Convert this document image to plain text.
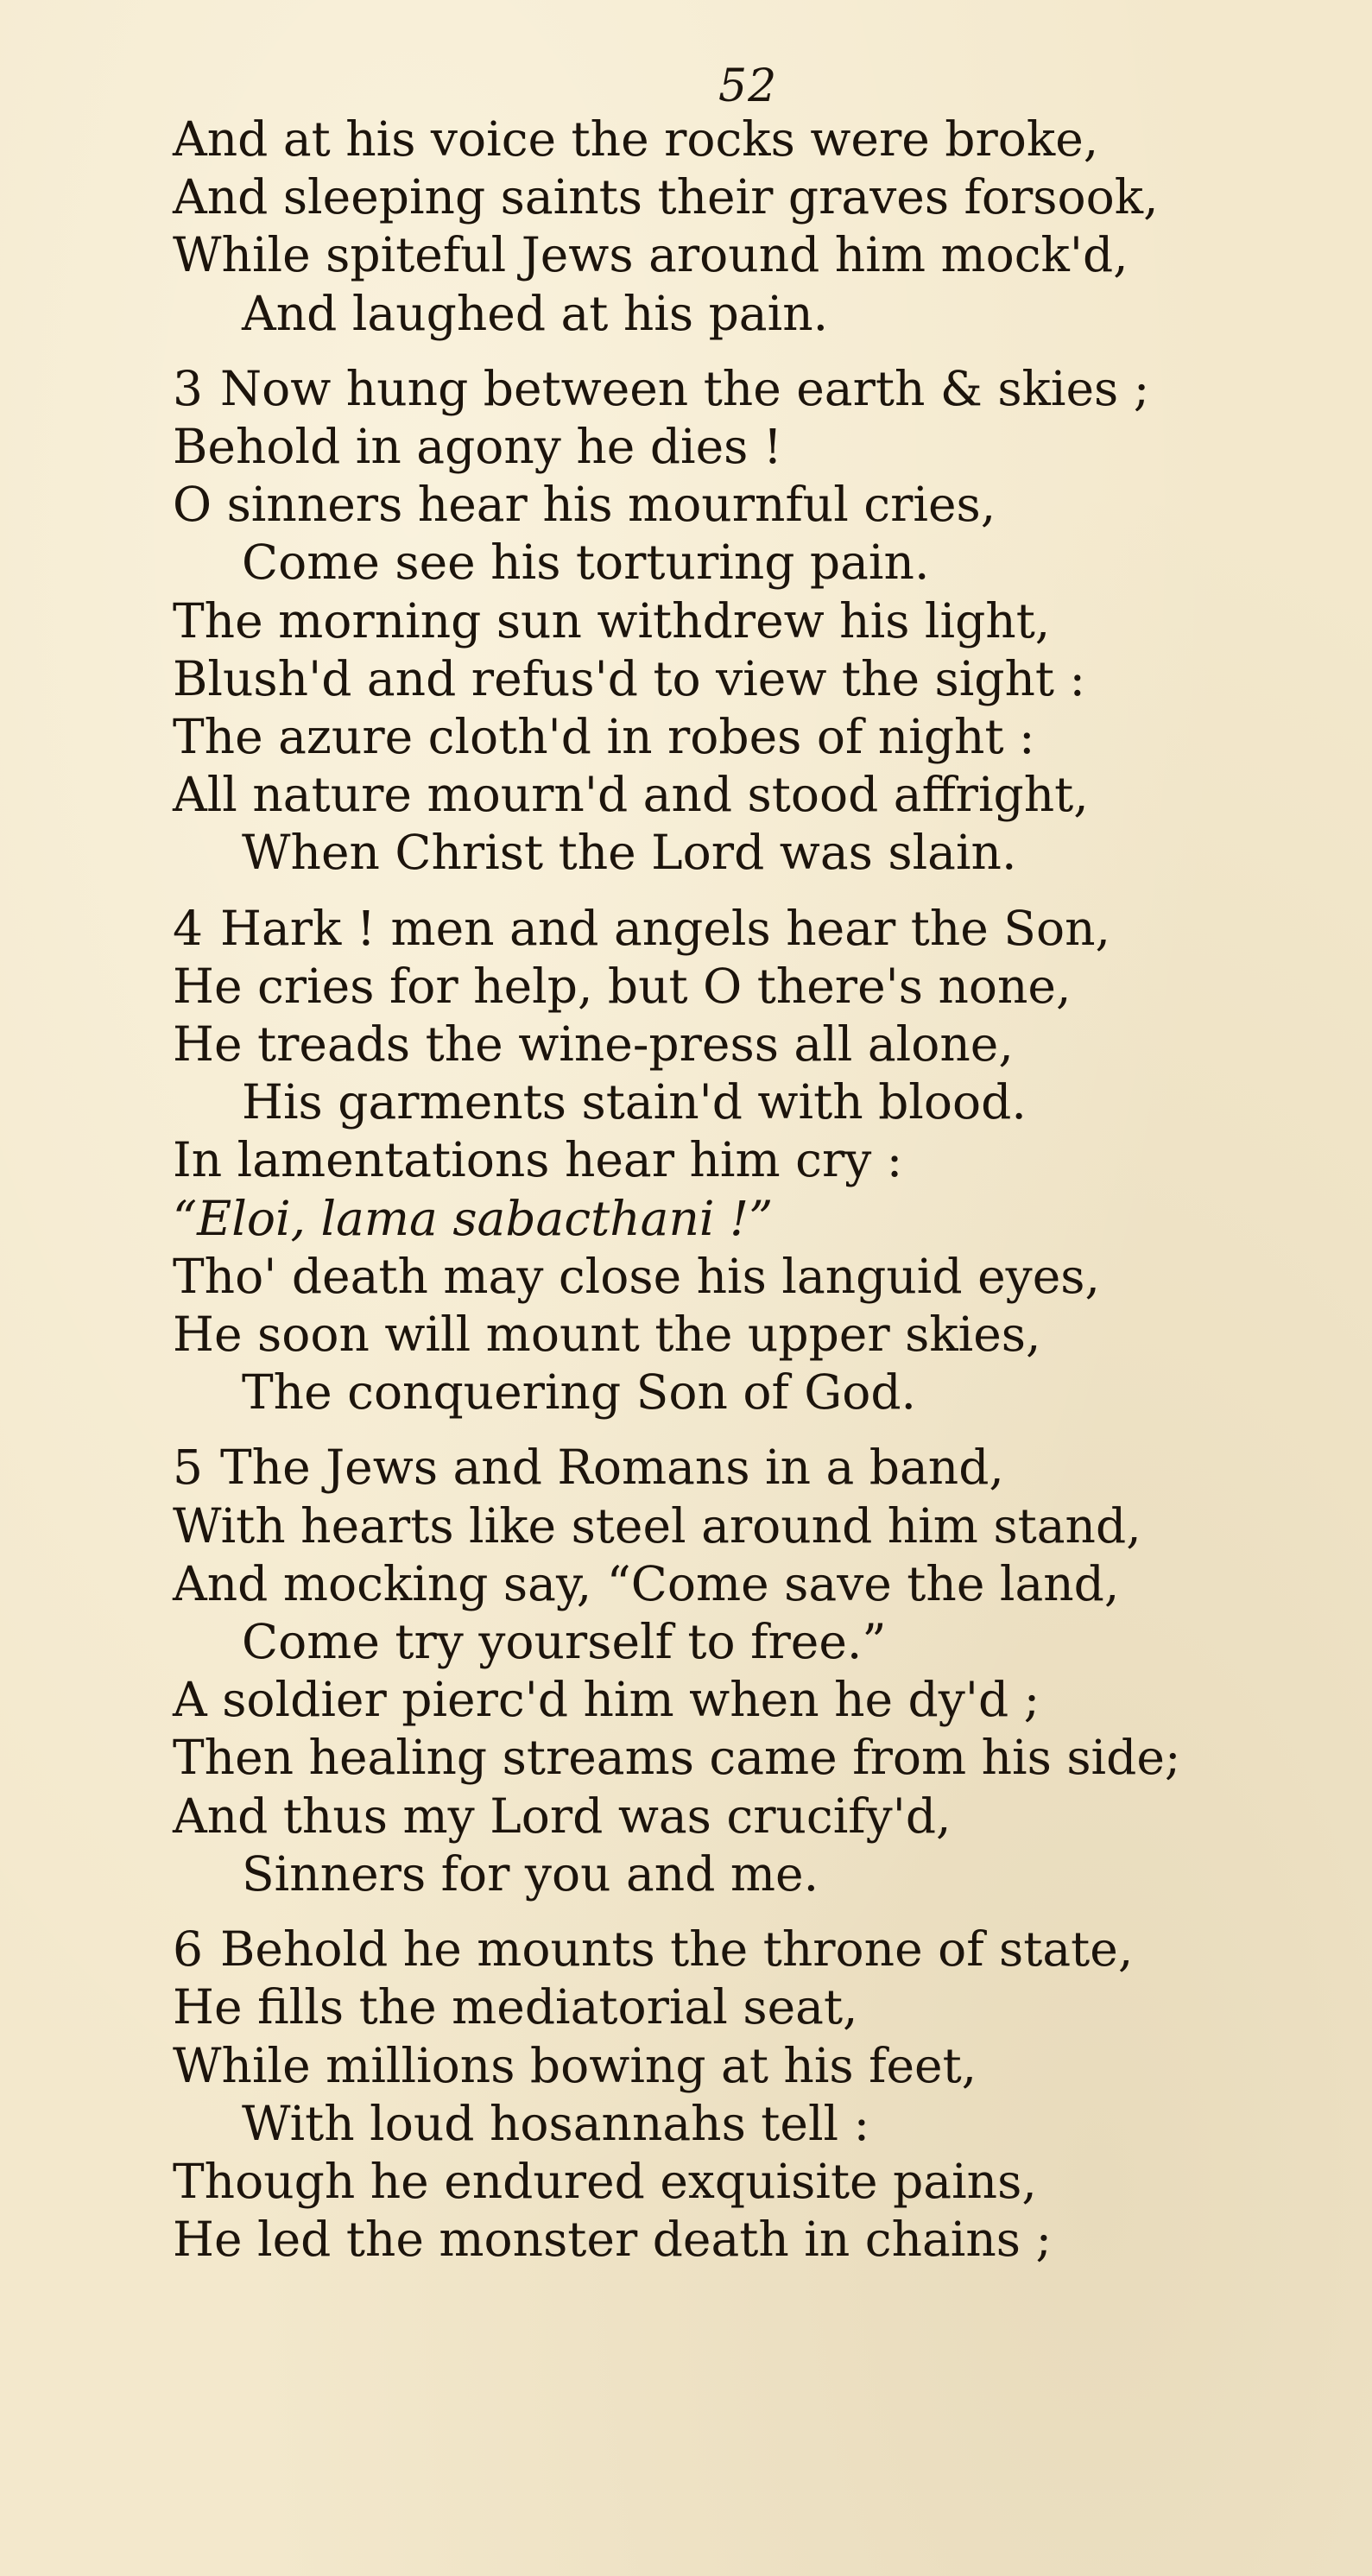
52
And at his voice the rocks were broke,
And sleeping saints their graves forsook,
While spiteful Jews around him mock'd,
And laughed at his pain.
3 Now hung between the earth & skies ;
Behold in agony he dies !
O sinners hear his mournful cries,
Come see his torturing pain.
The morning sun withdrew his light,
Blush'd and refus'd to view the sight :
The azure cloth'd in robes of night :
All nature mourn'd and stood affright,
When Christ the Lord was slain.
4 Hark ! men and angels hear the Son,
He cries for help, but O there's none,
He treads the wine-press all alone,
His garments stain'd with blood.
In lamentations hear him cry :
“Eloi, lama sabacthani !”
Tho' death may close his languid eyes,
He soon will mount the upper skies,
The conquering Son of God.
5 The Jews and Romans in a band,
With hearts like steel around him stand,
And mocking say, “Come save the land,
Come try yourself to free.”
A soldier pierc'd him when he dy'd ;
Then healing streams came from his side;
And thus my Lord was crucify'd,
Sinners for you and me.
6 Behold he mounts the throne of state,
He fills the mediatorial seat,
While millions bowing at his feet,
With loud hosannahs tell :
Though he endured exquisite pains,
He led the monster death in chains ;
